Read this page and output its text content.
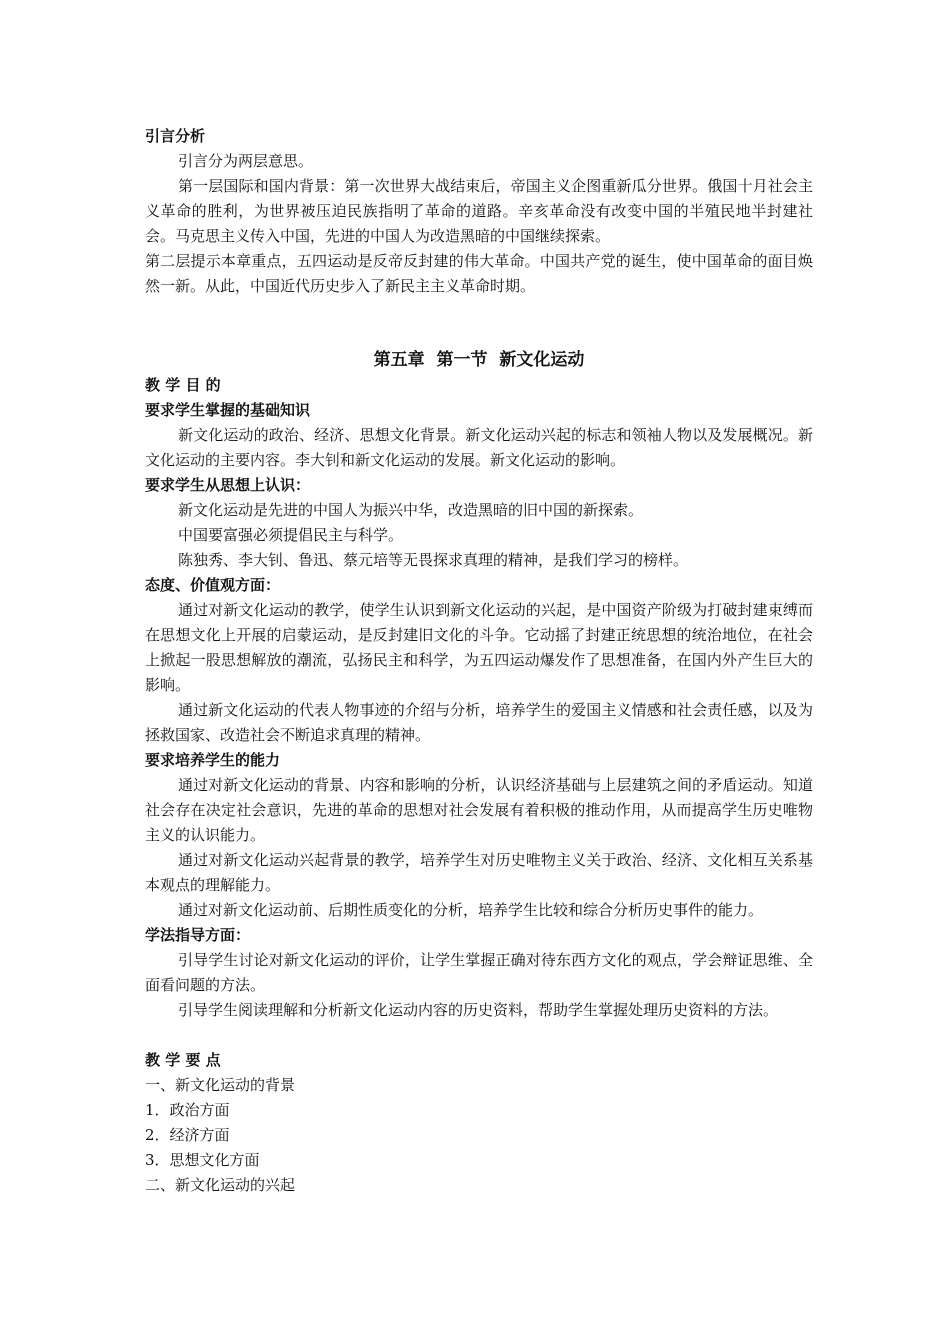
引言分析

引言分为两层意思。

第一层国际和国内背景：第一次世界大战结束后，帝国主义企图重新瓜分世界。俄国十月社会主义革命的胜利，为世界被压迫民族指明了革命的道路。辛亥革命没有改变中国的半殖民地半封建社会。马克思主义传入中国，先进的中国人为改造黑暗的中国继续探索。

第二层提示本章重点，五四运动是反帝反封建的伟大革命。中国共产党的诞生，使中国革命的面目焕然一新。从此，中国近代历史步入了新民主主义革命时期。

第五章 第一节 新文化运动

教 学 目 的

要求学生掌握的基础知识

新文化运动的政治、经济、思想文化背景。新文化运动兴起的标志和领袖人物以及发展概况。新文化运动的主要内容。李大钊和新文化运动的发展。新文化运动的影响。

要求学生从思想上认识：

新文化运动是先进的中国人为振兴中华，改造黑暗的旧中国的新探索。

中国要富强必须提倡民主与科学。

陈独秀、李大钊、鲁迅、蔡元培等无畏探求真理的精神，是我们学习的榜样。

态度、价值观方面：

通过对新文化运动的教学，使学生认识到新文化运动的兴起，是中国资产阶级为打破封建束缚而在思想文化上开展的启蒙运动，是反封建旧文化的斗争。它动摇了封建正统思想的统治地位，在社会上掀起一股思想解放的潮流，弘扬民主和科学，为五四运动爆发作了思想准备，在国内外产生巨大的影响。

通过新文化运动的代表人物事迹的介绍与分析，培养学生的爱国主义情感和社会责任感，以及为拯救国家、改造社会不断追求真理的精神。

要求培养学生的能力

通过对新文化运动的背景、内容和影响的分析，认识经济基础与上层建筑之间的矛盾运动。知道社会存在决定社会意识，先进的革命的思想对社会发展有着积极的推动作用，从而提高学生历史唯物主义的认识能力。

通过对新文化运动兴起背景的教学，培养学生对历史唯物主义关于政治、经济、文化相互关系基本观点的理解能力。

通过对新文化运动前、后期性质变化的分析，培养学生比较和综合分析历史事件的能力。

学法指导方面：

引导学生讨论对新文化运动的评价，让学生掌握正确对待东西方文化的观点，学会辩证思维、全面看问题的方法。

引导学生阅读理解和分析新文化运动内容的历史资料，帮助学生掌握处理历史资料的方法。

教 学 要 点

一、新文化运动的背景

1．政治方面

2．经济方面

3．思想文化方面

二、新文化运动的兴起
